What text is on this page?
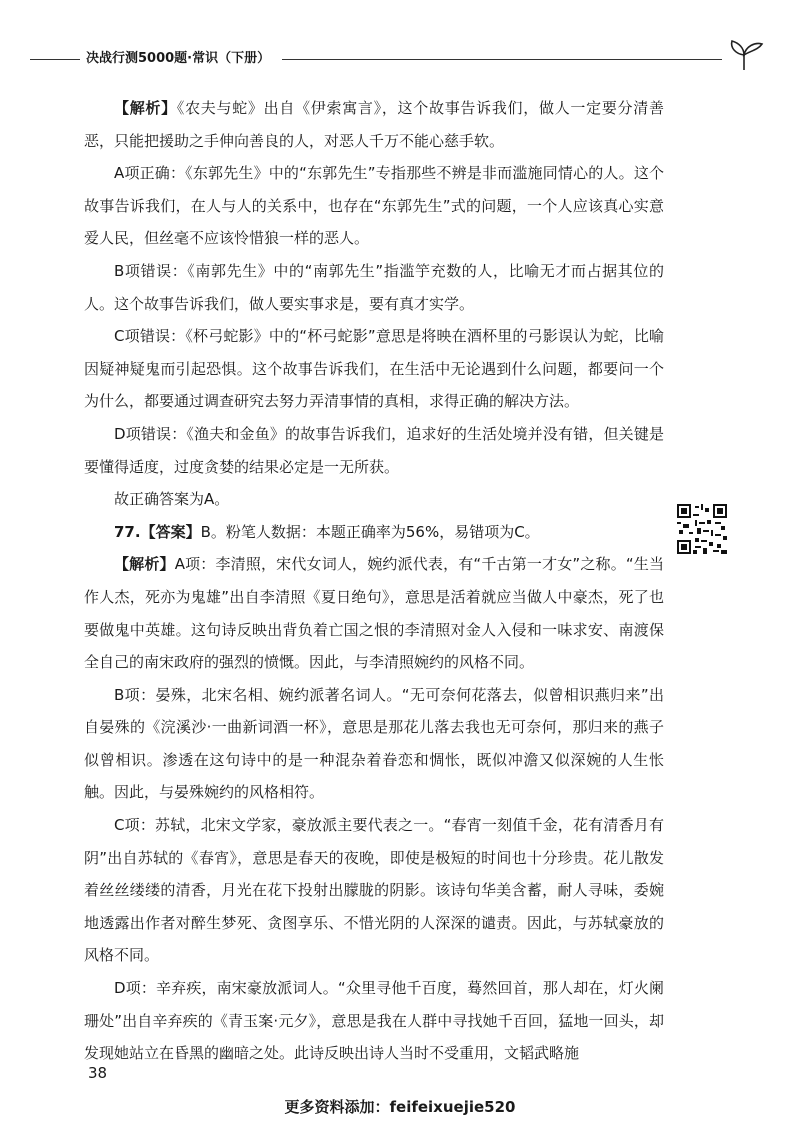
决战行测5000题·常识（下册）

【解析】《农夫与蛇》出自《伊索寓言》，这个故事告诉我们，做人一定要分清善恶，只能把援助之手伸向善良的人，对恶人千万不能心慈手软。

A项正确：《东郭先生》中的“东郭先生”专指那些不辨是非而滥施同情心的人。这个故事告诉我们，在人与人的关系中，也存在“东郭先生”式的问题，一个人应该真心实意爱人民，但丝毫不应该怜惜狼一样的恶人。

B项错误：《南郭先生》中的“南郭先生”指滥竽充数的人，比喻无才而占据其位的人。这个故事告诉我们，做人要实事求是，要有真才实学。

C项错误：《杯弓蛇影》中的“杯弓蛇影”意思是将映在酒杯里的弓影误认为蛇，比喻因疑神疑鬼而引起恐惧。这个故事告诉我们，在生活中无论遇到什么问题，都要问一个为什么，都要通过调查研究去努力弄清事情的真相，求得正确的解决方法。

D项错误：《渔夫和金鱼》的故事告诉我们，追求好的生活处境并没有错，但关键是要懂得适度，过度贪婪的结果必定是一无所获。

故正确答案为A。

77.【答案】B。粉笔人数据：本题正确率为56%，易错项为C。

【解析】A项：李清照，宋代女词人，婉约派代表，有“千古第一才女”之称。“生当作人杰，死亦为鬼雄”出自李清照《夏日绝句》，意思是活着就应当做人中豪杰，死了也要做鬼中英雄。这句诗反映出背负着亡国之恨的李清照对金人入侵和一味求安、南渡保全自己的南宋政府的强烈的愤慨。因此，与李清照婉约的风格不同。

B项：晏殊，北宋名相、婉约派著名词人。“无可奈何花落去，似曾相识燕归来”出自晏殊的《浣溪沙·一曲新词酒一杯》，意思是那花儿落去我也无可奈何，那归来的燕子似曾相识。渗透在这句诗中的是一种混杂着眷恋和惆怅，既似冲澹又似深婉的人生怅触。因此，与晏殊婉约的风格相符。

C项：苏轼，北宋文学家，豪放派主要代表之一。“春宵一刻值千金，花有清香月有阴”出自苏轼的《春宵》，意思是春天的夜晚，即使是极短的时间也十分珍贵。花儿散发着丝丝缕缕的清香，月光在花下投射出朦胧的阴影。该诗句华美含蓄，耐人寻味，委婉地透露出作者对醉生梦死、贪图享乐、不惜光阴的人深深的谴责。因此，与苏轼豪放的风格不同。

D项：辛弃疾，南宋豪放派词人。“众里寻他千百度，蓦然回首，那人却在，灯火阑珊处”出自辛弃疾的《青玉案·元夕》，意思是我在人群中寻找她千百回，猛地一回头，却发现她站立在昏黑的幽暗之处。此诗反映出诗人当时不受重用，文韬武略施

38
更多资料添加：feifeixuejie520
